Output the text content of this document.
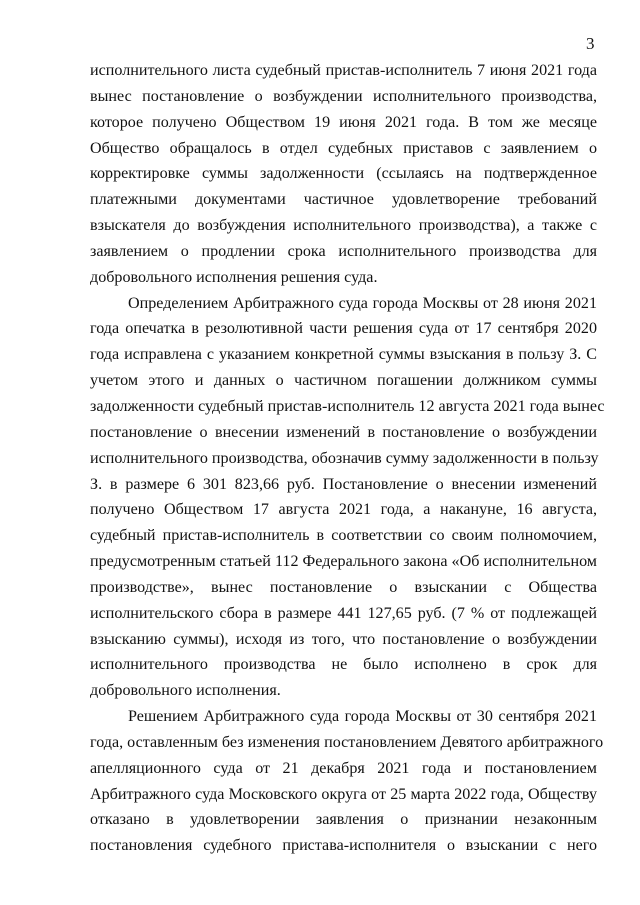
3
исполнительного листа судебный пристав-исполнитель 7 июня 2021 года
вынес постановление о возбуждении исполнительного производства,
которое получено Обществом 19 июня 2021 года. В том же месяце
Общество обращалось в отдел судебных приставов с заявлением о
корректировке суммы задолженности (ссылаясь на подтвержденное
платежными документами частичное удовлетворение требований
взыскателя до возбуждения исполнительного производства), а также с
заявлением о продлении срока исполнительного производства для
добровольного исполнения решения суда.
Определением Арбитражного суда города Москвы от 28 июня 2021
года опечатка в резолютивной части решения суда от 17 сентября 2020
года исправлена с указанием конкретной суммы взыскания в пользу З. С
учетом этого и данных о частичном погашении должником суммы
задолженности судебный пристав-исполнитель 12 августа 2021 года вынес
постановление о внесении изменений в постановление о возбуждении
исполнительного производства, обозначив сумму задолженности в пользу
З. в размере 6 301 823,66 руб. Постановление о внесении изменений
получено Обществом 17 августа 2021 года, а накануне, 16 августа,
судебный пристав-исполнитель в соответствии со своим полномочием,
предусмотренным статьей 112 Федерального закона «Об исполнительном
производстве», вынес постановление о взыскании с Общества
исполнительского сбора в размере 441 127,65 руб. (7 % от подлежащей
взысканию суммы), исходя из того, что постановление о возбуждении
исполнительного производства не было исполнено в срок для
добровольного исполнения.
Решением Арбитражного суда города Москвы от 30 сентября 2021
года, оставленным без изменения постановлением Девятого арбитражного
апелляционного суда от 21 декабря 2021 года и постановлением
Арбитражного суда Московского округа от 25 марта 2022 года, Обществу
отказано в удовлетворении заявления о признании незаконным
постановления судебного пристава-исполнителя о взыскании с него
